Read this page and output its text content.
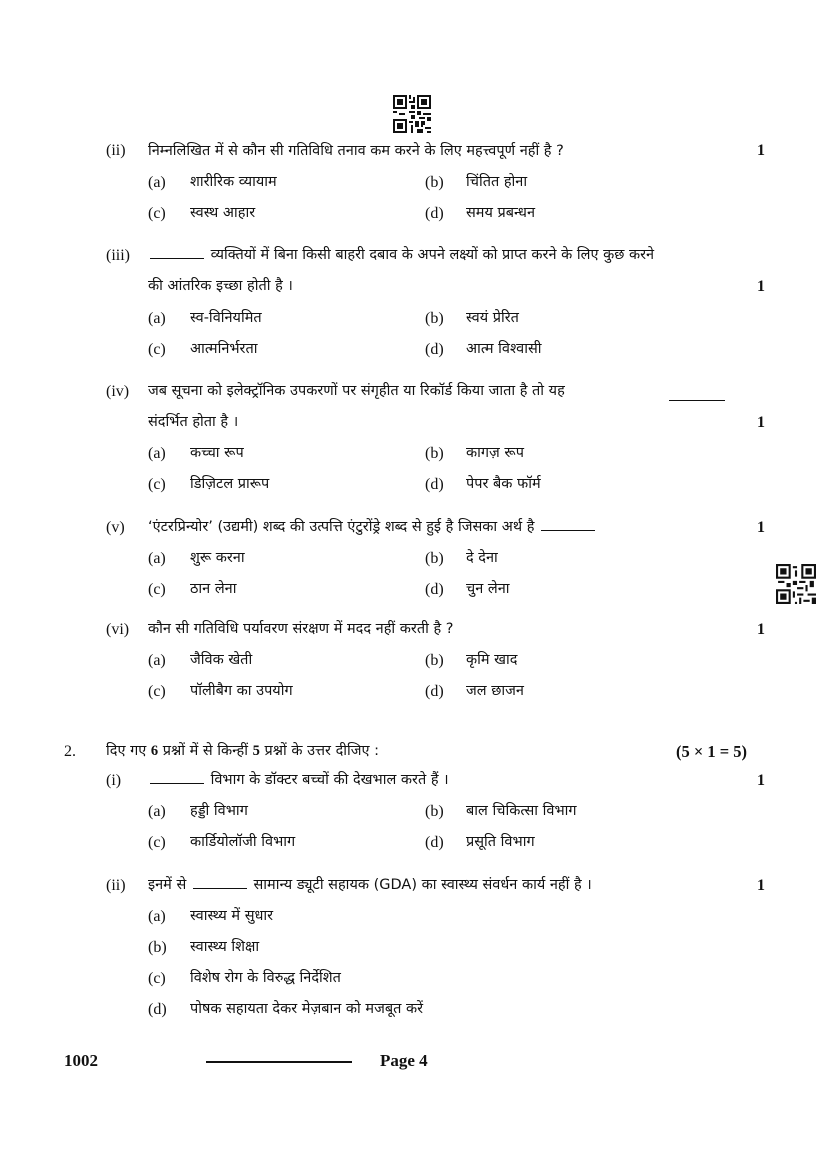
(ii) निम्नलिखित में से कौन सी गतिविधि तनाव कम करने के लिए महत्त्वपूर्ण नहीं है ?	1
(a) शारीरिक व्यायाम	(b) चिंतित होना
(c) स्वस्थ आहार	(d) समय प्रबन्धन
(iii)	व्यक्तियों में बिना किसी बाहरी दबाव के अपने लक्ष्यों को प्राप्त करने के लिए कुछ करने
की आंतरिक इच्छा होती है ।	1
(a) स्व-विनियमित	(b) स्वयं प्रेरित
(c) आत्मनिर्भरता	(d) आत्म विश्वासी
(iv) जब सूचना को इलेक्ट्रॉनिक उपकरणों पर संगृहीत या रिकॉर्ड किया जाता है तो यह
संदर्भित होता है ।	1
(a) कच्चा रूप	(b) कागज़ रूप
(c) डिज़िटल प्रारूप	(d) पेपर बैक फॉर्म
(v) ‘एंटरप्रिन्योर’ (उद्यमी) शब्द की उत्पत्ति एंटुरोंड्रे शब्द से हुई है जिसका अर्थ है	1
(a) शुरू करना	(b) दे देना
(c) ठान लेना	(d) चुन लेना
(vi) कौन सी गतिविधि पर्यावरण संरक्षण में मदद नहीं करती है ?	1
(a) जैविक खेती	(b) कृमि खाद
(c) पॉलीबैग का उपयोग	(d) जल छाजन
2. दिए गए 6 प्रश्नों में से किन्हीं 5 प्रश्नों के उत्तर दीजिए :	(5 × 1 = 5)
(i)	विभाग के डॉक्टर बच्चों की देखभाल करते हैं ।	1
(a) हड्डी विभाग	(b) बाल चिकित्सा विभाग
(c) कार्डियोलॉजी विभाग	(d) प्रसूति विभाग
(ii) इनमें से	सामान्य ड्यूटी सहायक (GDA) का स्वास्थ्य संवर्धन कार्य नहीं है ।	1
(a) स्वास्थ्य में सुधार
(b) स्वास्थ्य शिक्षा
(c) विशेष रोग के विरुद्ध निर्देशित
(d) पोषक सहायता देकर मेज़बान को मजबूत करें
1002	Page 4
